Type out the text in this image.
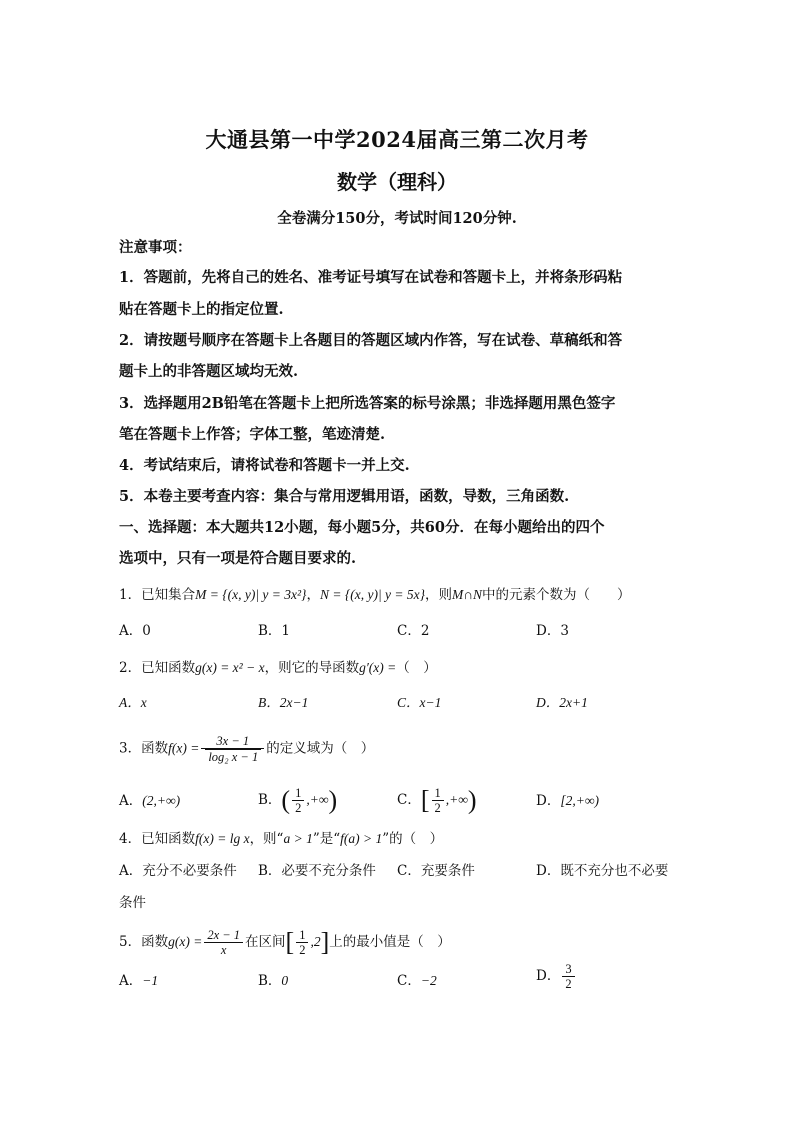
大通县第一中学2024届高三第二次月考
数学（理科）
全卷满分150分，考试时间120分钟.
注意事项：
1．答题前，先将自己的姓名、准考证号填写在试卷和答题卡上，并将条形码粘
贴在答题卡上的指定位置.
2．请按题号顺序在答题卡上各题目的答题区域内作答，写在试卷、草稿纸和答
题卡上的非答题区域均无效.
3．选择题用2B铅笔在答题卡上把所选答案的标号涂黑；非选择题用黑色签字
笔在答题卡上作答；字体工整，笔迹清楚.
4．考试结束后，请将试卷和答题卡一并上交.
5．本卷主要考查内容：集合与常用逻辑用语，函数，导数，三角函数.
一、选择题：本大题共12小题，每小题5分，共60分．在每小题给出的四个
选项中，只有一项是符合题目要求的.
1．已知集合M = {(x, y)| y = 3x²}，N = {(x, y)| y = 5x}，则M∩N中的元素个数为（　　）
A．0	B．1	C．2	D．3
2．已知函数g(x) = x² − x，则它的导函数g′(x) =（　）
A．x	B．2x−1	C．x−1	D．2x+1
3．函数$f(x) = \frac{3x - 1}{\text{log₂ x − 1}}$ 的定义域为（　）
A．(2,+∞)	B．( $\frac{1}{2}$ ,+∞)	C．[ $\frac{1}{2}$ ,+∞)	D．[2,+∞)
4．已知函数f(x) = lg x，则“a > 1”是“f(a) > 1”的（　）
A．充分不必要条件 B．必要不充分条件 C．充要条件	D．既不充分也不必要
条件
5．函数$g(x) = \frac{2x - 1}{x}$ 在区间[ $\frac{1}{2} ,2$]上的最小值是（　）
A．−1	B．0	C．−2	D． $\frac{3}{2}$
